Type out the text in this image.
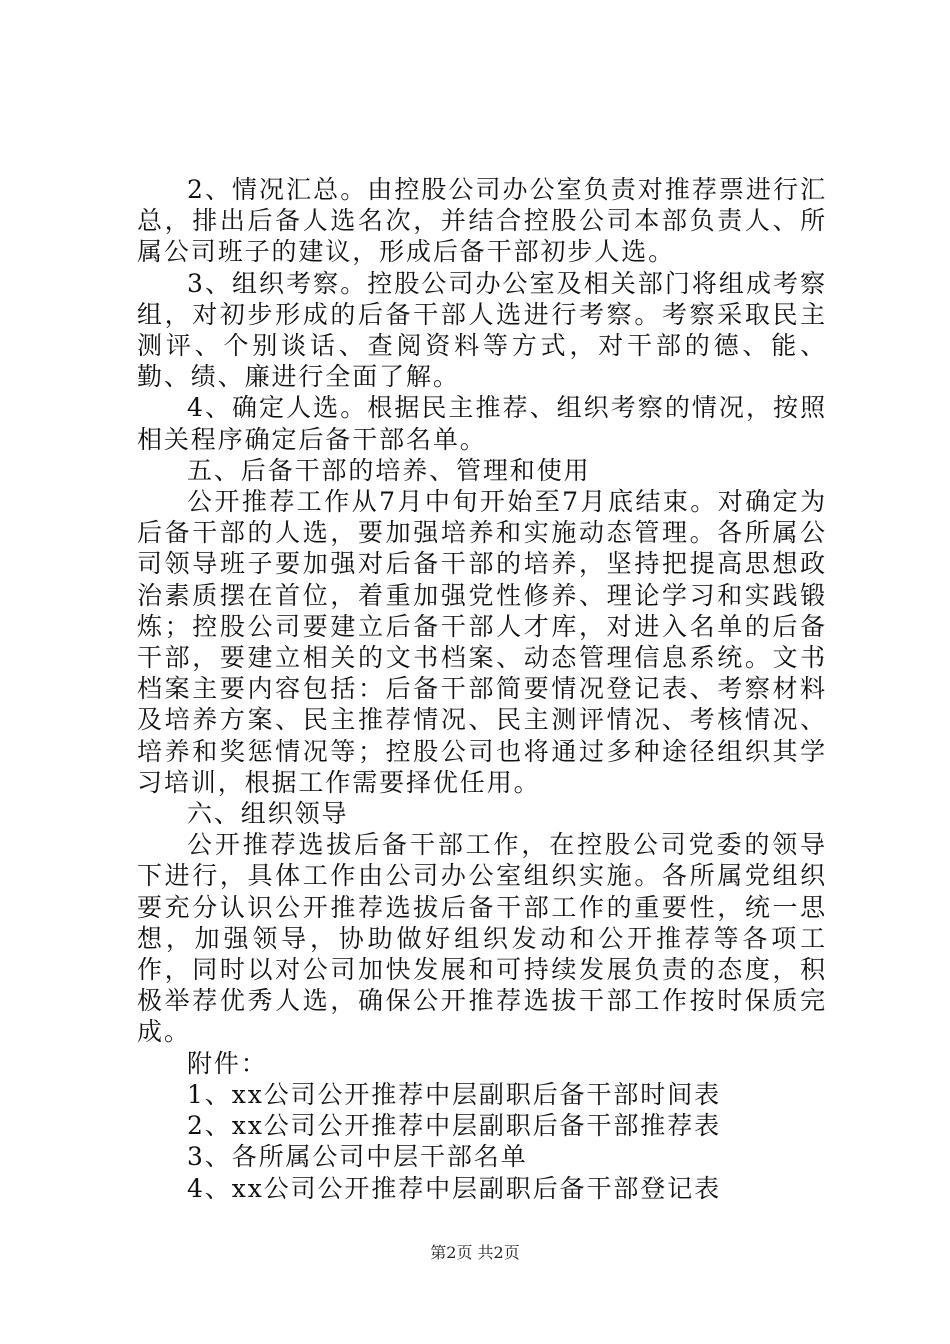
2、情况汇总。由控股公司办公室负责对推荐票进行汇总，排出后备人选名次，并结合控股公司本部负责人、所属公司班子的建议，形成后备干部初步人选。

3、组织考察。控股公司办公室及相关部门将组成考察组，对初步形成的后备干部人选进行考察。考察采取民主测评、个别谈话、查阅资料等方式，对干部的德、能、勤、绩、廉进行全面了解。

4、确定人选。根据民主推荐、组织考察的情况，按照相关程序确定后备干部名单。

五、后备干部的培养、管理和使用

公开推荐工作从7月中旬开始至7月底结束。对确定为后备干部的人选，要加强培养和实施动态管理。各所属公司领导班子要加强对后备干部的培养，坚持把提高思想政治素质摆在首位，着重加强党性修养、理论学习和实践锻炼；控股公司要建立后备干部人才库，对进入名单的后备干部，要建立相关的文书档案、动态管理信息系统。文书档案主要内容包括：后备干部简要情况登记表、考察材料及培养方案、民主推荐情况、民主测评情况、考核情况、培养和奖惩情况等；控股公司也将通过多种途径组织其学习培训，根据工作需要择优任用。

六、组织领导

公开推荐选拔后备干部工作，在控股公司党委的领导下进行，具体工作由公司办公室组织实施。各所属党组织要充分认识公开推荐选拔后备干部工作的重要性，统一思想，加强领导，协助做好组织发动和公开推荐等各项工作，同时以对公司加快发展和可持续发展负责的态度，积极举荐优秀人选，确保公开推荐选拔干部工作按时保质完成。

附件：

1、xx公司公开推荐中层副职后备干部时间表

2、xx公司公开推荐中层副职后备干部推荐表

3、各所属公司中层干部名单

4、xx公司公开推荐中层副职后备干部登记表

第2页 共2页
